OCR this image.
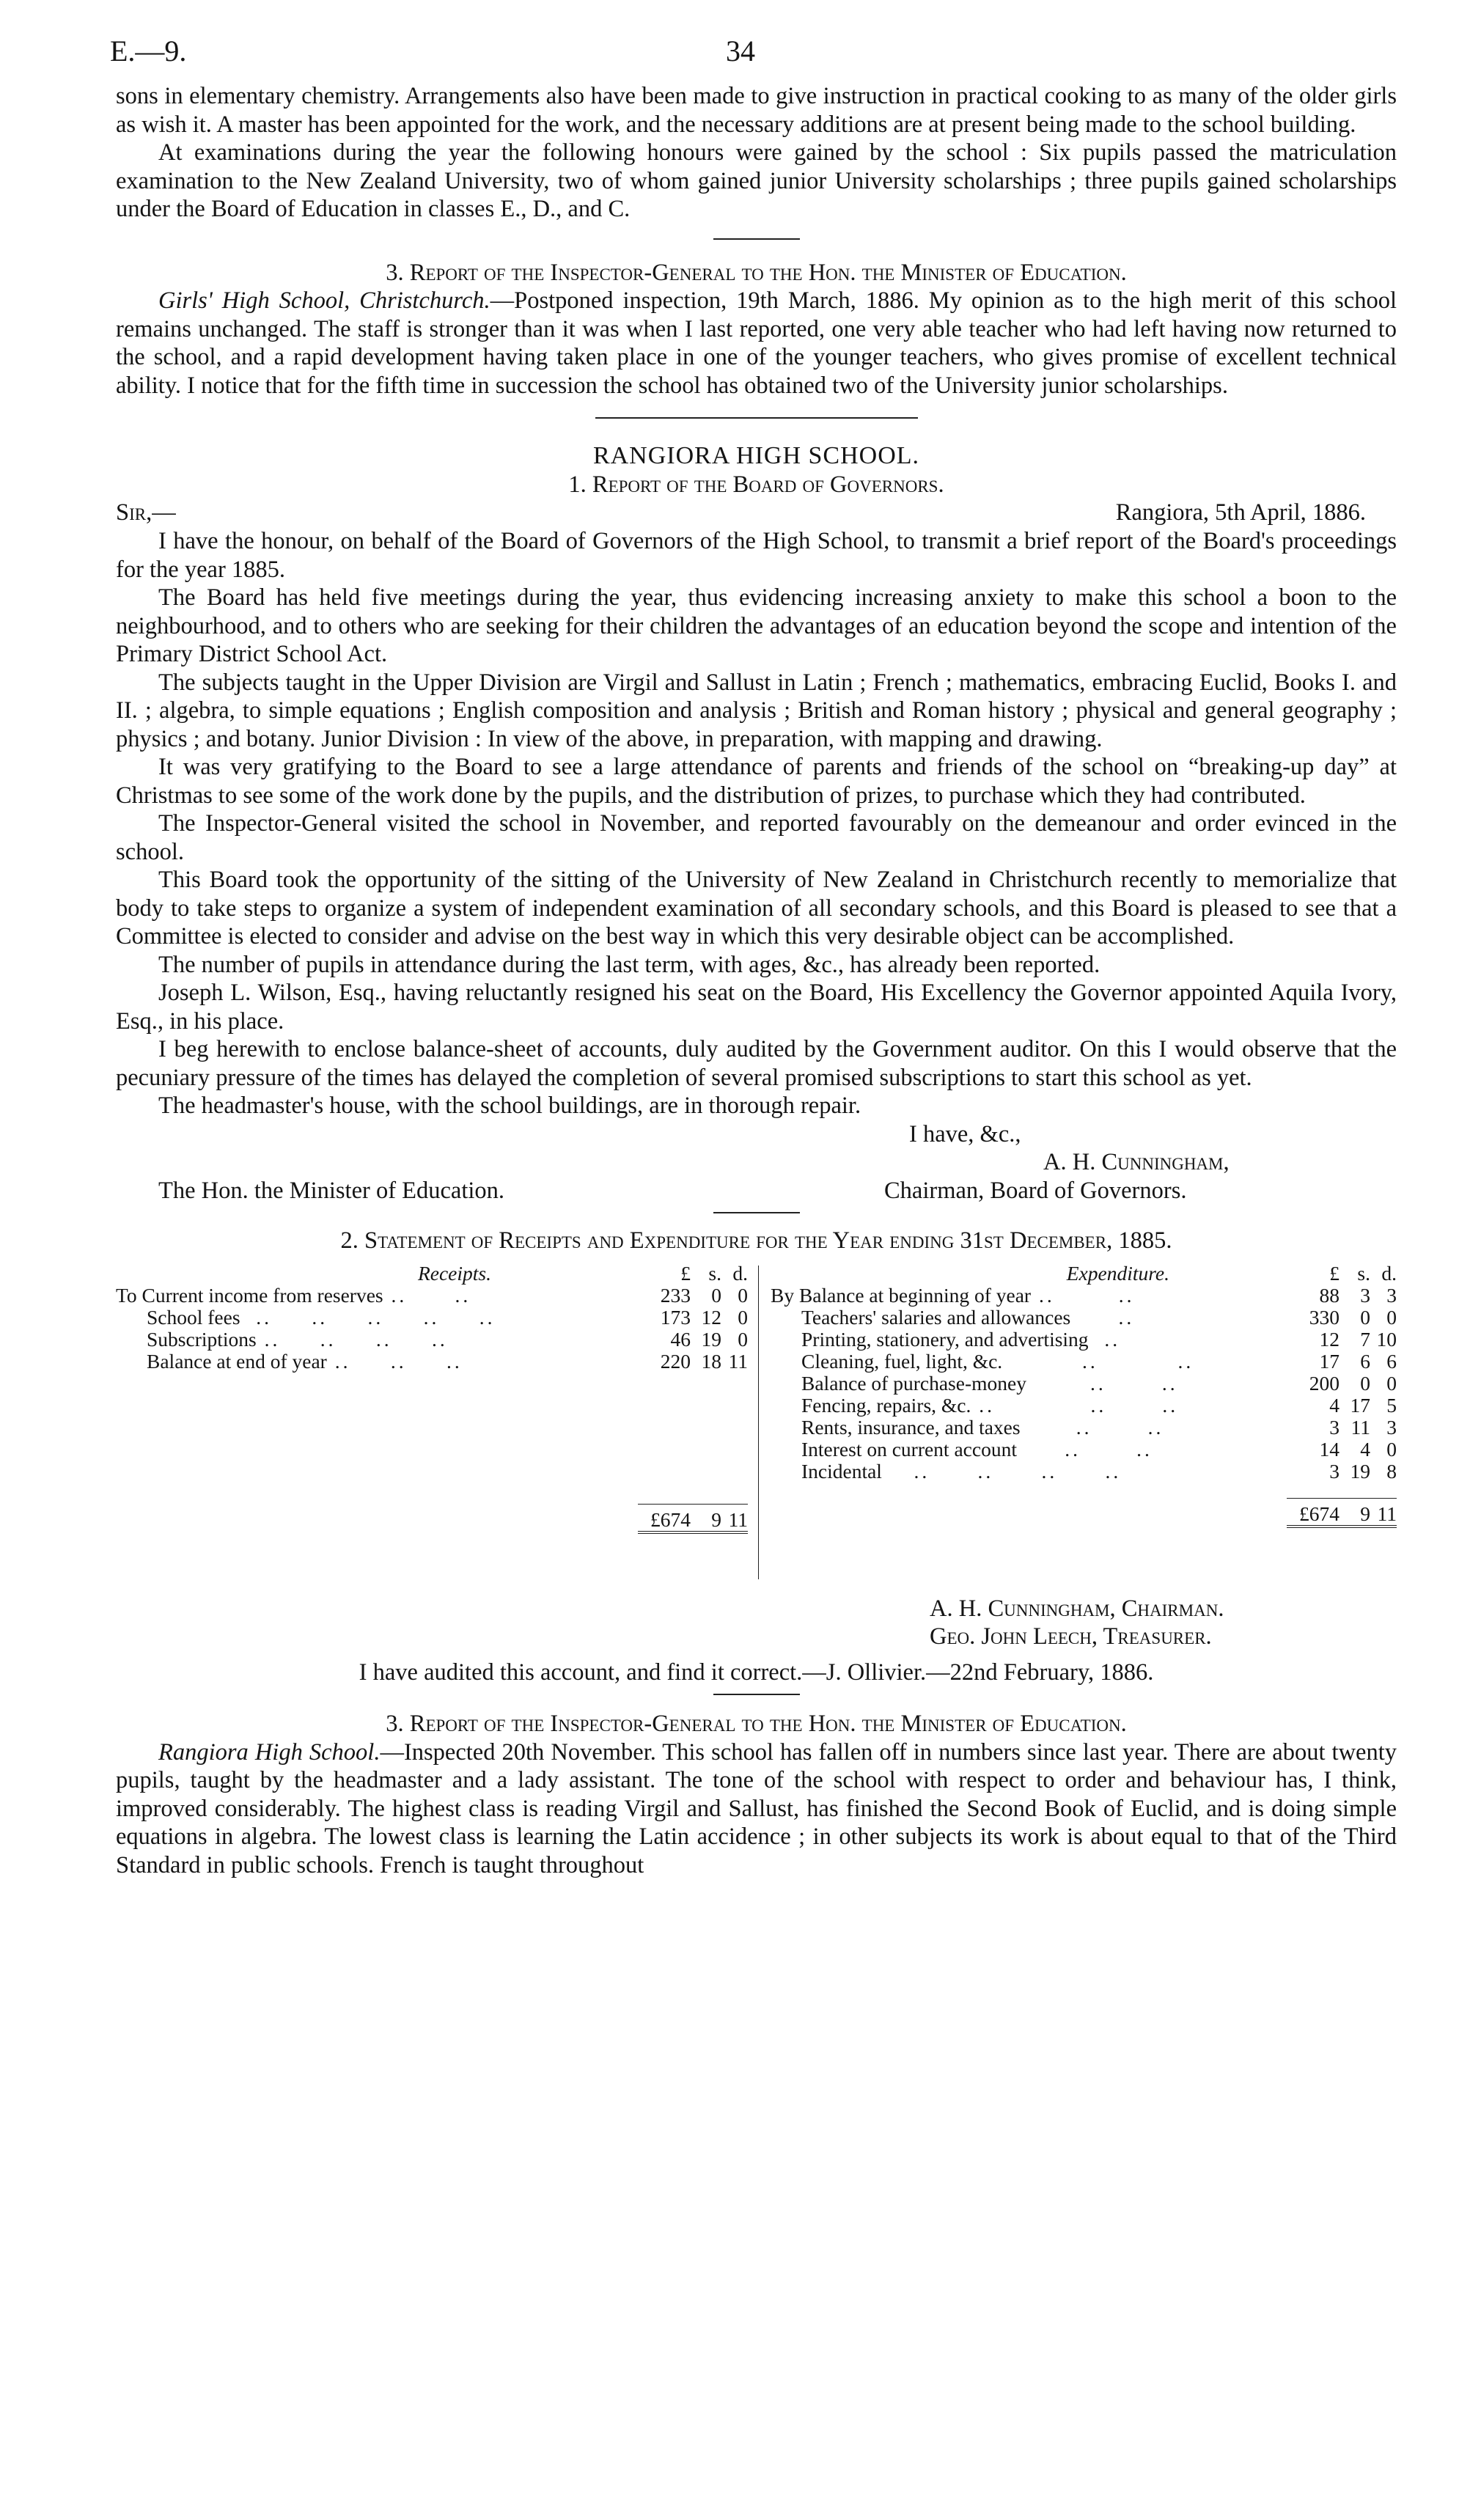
E.—9.	34

sons in elementary chemistry. Arrangements also have been made to give instruction in practical cooking to as many of the older girls as wish it. A master has been appointed for the work, and the necessary additions are at present being made to the school building.

At examinations during the year the following honours were gained by the school : Six pupils passed the matriculation examination to the New Zealand University, two of whom gained junior University scholarships ; three pupils gained scholarships under the Board of Education in classes E., D., and C.

3. Report of the Inspector-General to the Hon. the Minister of Education.

Girls' High School, Christchurch.—Postponed inspection, 19th March, 1886. My opinion as to the high merit of this school remains unchanged. The staff is stronger than it was when I last reported, one very able teacher who had left having now returned to the school, and a rapid development having taken place in one of the younger teachers, who gives promise of excellent technical ability. I notice that for the fifth time in succession the school has obtained two of the University junior scholarships.

RANGIORA HIGH SCHOOL.

1. Report of the Board of Governors.

Sir,—	Rangiora, 5th April, 1886.

I have the honour, on behalf of the Board of Governors of the High School, to transmit a brief report of the Board's proceedings for the year 1885.

The Board has held five meetings during the year, thus evidencing increasing anxiety to make this school a boon to the neighbourhood, and to others who are seeking for their children the advantages of an education beyond the scope and intention of the Primary District School Act.

The subjects taught in the Upper Division are Virgil and Sallust in Latin ; French ; mathematics, embracing Euclid, Books I. and II. ; algebra, to simple equations ; English composition and analysis ; British and Roman history ; physical and general geography ; physics ; and botany. Junior Division : In view of the above, in preparation, with mapping and drawing.

It was very gratifying to the Board to see a large attendance of parents and friends of the school on “breaking-up day” at Christmas to see some of the work done by the pupils, and the distribution of prizes, to purchase which they had contributed.

The Inspector-General visited the school in November, and reported favourably on the demeanour and order evinced in the school.

This Board took the opportunity of the sitting of the University of New Zealand in Christchurch recently to memorialize that body to take steps to organize a system of independent examination of all secondary schools, and this Board is pleased to see that a Committee is elected to consider and advise on the best way in which this very desirable object can be accomplished.

The number of pupils in attendance during the last term, with ages, &c., has already been reported.

Joseph L. Wilson, Esq., having reluctantly resigned his seat on the Board, His Excellency the Governor appointed Aquila Ivory, Esq., in his place.

I beg herewith to enclose balance-sheet of accounts, duly audited by the Government auditor. On this I would observe that the pecuniary pressure of the times has delayed the completion of several promised subscriptions to start this school as yet.

The headmaster's house, with the school buildings, are in thorough repair.

I have, &c.,
A. H. Cunningham,
The Hon. the Minister of Education.	Chairman, Board of Governors.

2. Statement of Receipts and Expenditure for the Year ending 31st December, 1885.

Receipts.	£	s.	d.
To Current income from reserves ..      ..	233	0	0
School fees  ..     ..     ..     ..     ..	173	12	0
Subscriptions ..     ..     ..     ..	46	19	0
Balance at end of year ..     ..     ..	220	18	11

	£674	9	11
Expenditure.	£	s.	d.
By Balance at beginning of year ..        ..	88	3	3
Teachers' salaries and allowances      ..	330	0	0
Printing, stationery, and advertising  ..	12	7	10
Cleaning, fuel, light, &c.          ..          ..	17	6	6
Balance of purchase-money        ..       ..	200	0	0
Fencing, repairs, &c. ..            ..       ..	4	17	5
Rents, insurance, and taxes       ..       ..	3	11	3
Interest on current account      ..       ..	14	4	0
Incidental    ..      ..      ..      ..	3	19	8

	£674	9	11
A. H. Cunningham, Chairman.
Geo. John Leech, Treasurer.

I have audited this account, and find it correct.—J. Ollivier.—22nd February, 1886.

3. Report of the Inspector-General to the Hon. the Minister of Education.

Rangiora High School.—Inspected 20th November. This school has fallen off in numbers since last year. There are about twenty pupils, taught by the headmaster and a lady assistant. The tone of the school with respect to order and behaviour has, I think, improved considerably. The highest class is reading Virgil and Sallust, has finished the Second Book of Euclid, and is doing simple equations in algebra. The lowest class is learning the Latin accidence ; in other subjects its work is about equal to that of the Third Standard in public schools. French is taught throughout
